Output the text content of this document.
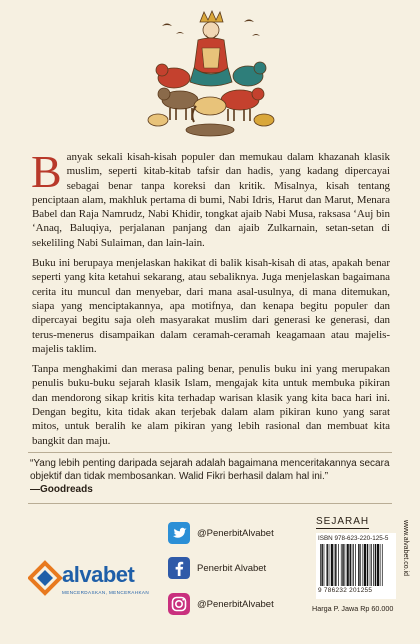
Banyak sekali kisah-kisah populer dan memukau dalam khazanah klasik muslim, seperti kitab-kitab tafsir dan hadis, yang kadang dipercayai sebagai benar tanpa koreksi dan kritik. Misalnya, kisah tentang penciptaan alam, makhluk pertama di bumi, Nabi Idris, Harut dan Marut, Menara Babel dan Raja Namrudz, Nabi Khidir, tongkat ajaib Nabi Musa, raksasa ‘Auj bin ‘Anaq, Baluqiya, perjalanan panjang dan ajaib Zulkarnain, setan-setan di sekeliling Nabi Sulaiman, dan lain-lain.

Buku ini berupaya menjelaskan hakikat di balik kisah-kisah di atas, apakah benar seperti yang kita ketahui sekarang, atau sebaliknya. Juga menjelaskan bagaimana cerita itu muncul dan menyebar, dari mana asal-usulnya, di mana ditemukan, siapa yang menciptakannya, apa motifnya, dan kenapa begitu populer dan dipercayai begitu saja oleh masyarakat muslim dari generasi ke generasi, dan terus-menerus disampaikan dalam ceramah-ceramah keagamaan atau majelis-majelis taklim.

Tanpa menghakimi dan merasa paling benar, penulis buku ini yang merupakan penulis buku-buku sejarah klasik Islam, mengajak kita untuk membuka pikiran dan mendorong sikap kritis kita terhadap warisan klasik yang kita baca hari ini. Dengan begitu, kita tidak akan terjebak dalam alam pikiran kuno yang sarat mitos, untuk beralih ke alam pikiran yang lebih rasional dan membuat kita bangkit dan maju.

“Yang lebih penting daripada sejarah adalah bagaimana menceritakannya secara objektif dan tidak membosankan. Walid Fikri berhasil dalam hal ini.”
—Goodreads
alvabet
MENCERDASKAN, MENCERAHKAN
@PenerbitAlvabet
Penerbit Alvabet
@PenerbitAlvabet
SEJARAH
ISBN 978-623-220-125-5
9 786232 201255
Harga P. Jawa Rp 60.000
www.alvabet.co.id
